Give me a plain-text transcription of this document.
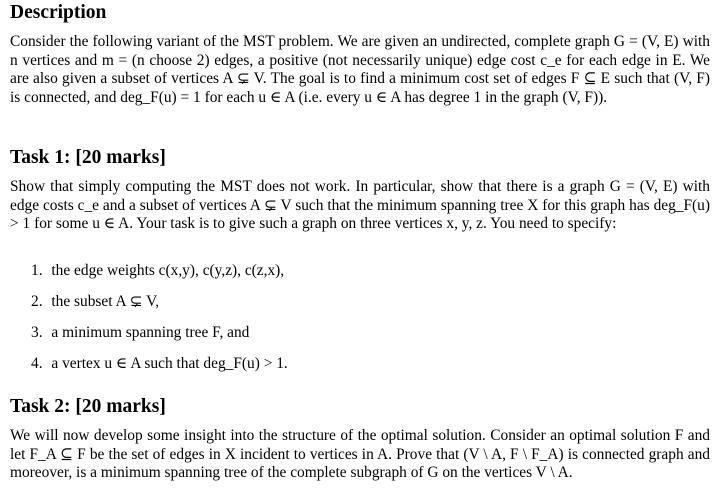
Description

Consider the following variant of the MST problem. We are given an undirected, complete graph G = (V, E) with n vertices and m = (n choose 2) edges, a positive (not necessarily unique) edge cost c_e for each edge in E. We are also given a subset of vertices A ⊊ V. The goal is to find a minimum cost set of edges F ⊆ E such that (V, F) is connected, and deg_F(u) = 1 for each u ∈ A (i.e. every u ∈ A has degree 1 in the graph (V, F)).

Task 1: [20 marks]

Show that simply computing the MST does not work. In particular, show that there is a graph G = (V, E) with edge costs c_e and a subset of vertices A ⊊ V such that the minimum spanning tree X for this graph has deg_F(u) > 1 for some u ∈ A. Your task is to give such a graph on three vertices x, y, z. You need to specify:

1. the edge weights c(x,y), c(y,z), c(z,x),
2. the subset A ⊊ V,
3. a minimum spanning tree F, and
4. a vertex u ∈ A such that deg_F(u) > 1.
Task 2: [20 marks]

We will now develop some insight into the structure of the optimal solution. Consider an optimal solution F and let F_A ⊆ F be the set of edges in X incident to vertices in A. Prove that (V \ A, F \ F_A) is connected graph and moreover, is a minimum spanning tree of the complete subgraph of G on the vertices V \ A.
